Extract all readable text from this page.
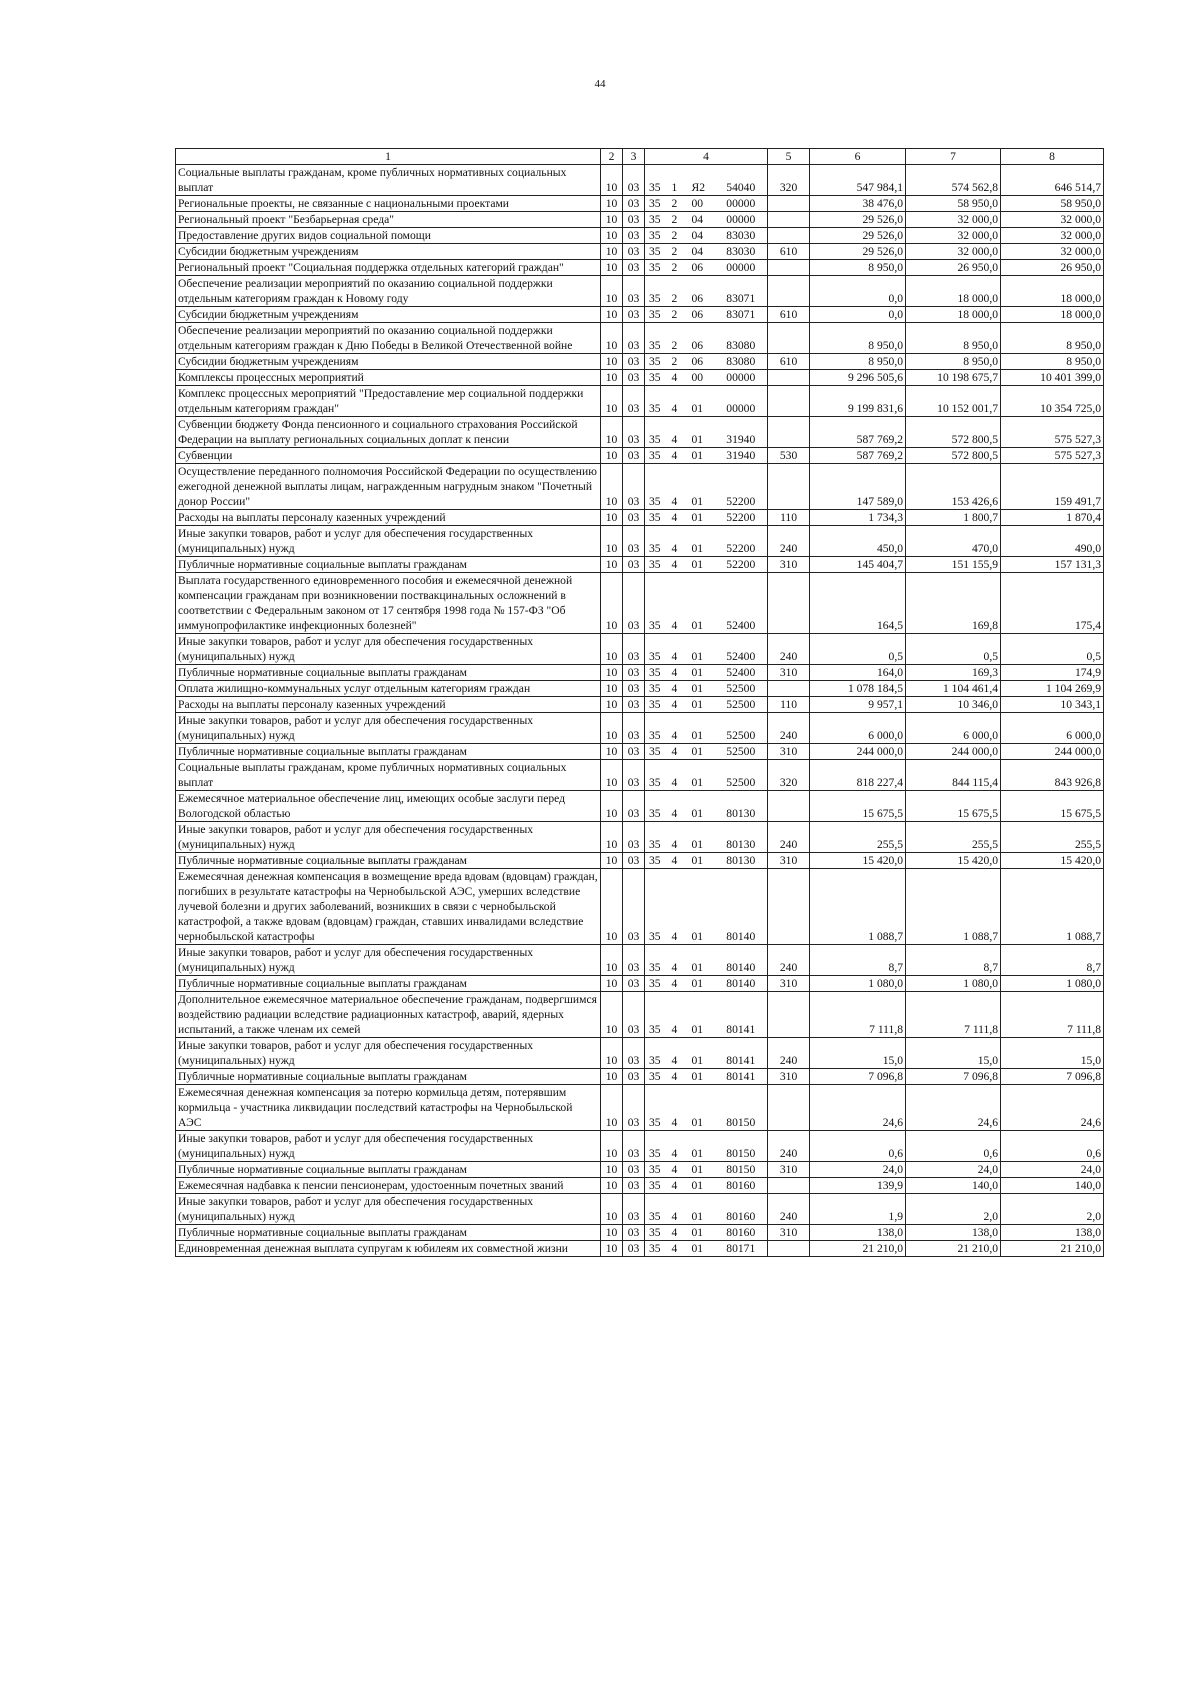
44
1	2	3	4				5	6	7	8
Социальные выплаты гражданам, кроме публичных нормативных социальных выплат	10	03	35	1	Я2	54040	320	547 984,1	574 562,8	646 514,7
Региональные проекты, не связанные с национальными проектами	10	03	35	2	00	00000		38 476,0	58 950,0	58 950,0
Региональный проект "Безбарьерная среда"	10	03	35	2	04	00000		29 526,0	32 000,0	32 000,0
Предоставление других видов социальной помощи	10	03	35	2	04	83030		29 526,0	32 000,0	32 000,0
Субсидии бюджетным учреждениям	10	03	35	2	04	83030	610	29 526,0	32 000,0	32 000,0
Региональный проект "Социальная поддержка отдельных категорий граждан"	10	03	35	2	06	00000		8 950,0	26 950,0	26 950,0
Обеспечение реализации мероприятий по оказанию социальной поддержки отдельным категориям граждан к Новому году	10	03	35	2	06	83071		0,0	18 000,0	18 000,0
Субсидии бюджетным учреждениям	10	03	35	2	06	83071	610	0,0	18 000,0	18 000,0
Обеспечение реализации мероприятий по оказанию социальной поддержки отдельным категориям граждан к Дню Победы в Великой Отечественной войне	10	03	35	2	06	83080		8 950,0	8 950,0	8 950,0
Субсидии бюджетным учреждениям	10	03	35	2	06	83080	610	8 950,0	8 950,0	8 950,0
Комплексы процессных мероприятий	10	03	35	4	00	00000		9 296 505,6	10 198 675,7	10 401 399,0
Комплекс процессных мероприятий "Предоставление мер социальной поддержки отдельным категориям граждан"	10	03	35	4	01	00000		9 199 831,6	10 152 001,7	10 354 725,0
Субвенции бюджету Фонда пенсионного и социального страхования Российской Федерации на выплату региональных социальных доплат к пенсии	10	03	35	4	01	31940		587 769,2	572 800,5	575 527,3
Субвенции	10	03	35	4	01	31940	530	587 769,2	572 800,5	575 527,3
Осуществление переданного полномочия Российской Федерации по осуществлению ежегодной денежной выплаты лицам, награжденным нагрудным знаком "Почетный донор России"	10	03	35	4	01	52200		147 589,0	153 426,6	159 491,7
Расходы на выплаты персоналу казенных учреждений	10	03	35	4	01	52200	110	1 734,3	1 800,7	1 870,4
Иные закупки товаров, работ и услуг для обеспечения государственных (муниципальных) нужд	10	03	35	4	01	52200	240	450,0	470,0	490,0
Публичные нормативные социальные выплаты гражданам	10	03	35	4	01	52200	310	145 404,7	151 155,9	157 131,3
Выплата государственного единовременного пособия и ежемесячной денежной компенсации гражданам при возникновении поствакцинальных осложнений в соответствии с Федеральным законом от 17 сентября 1998 года № 157-ФЗ "Об иммунопрофилактике инфекционных болезней"	10	03	35	4	01	52400		164,5	169,8	175,4
Иные закупки товаров, работ и услуг для обеспечения государственных (муниципальных) нужд	10	03	35	4	01	52400	240	0,5	0,5	0,5
Публичные нормативные социальные выплаты гражданам	10	03	35	4	01	52400	310	164,0	169,3	174,9
Оплата жилищно-коммунальных услуг отдельным категориям граждан	10	03	35	4	01	52500		1 078 184,5	1 104 461,4	1 104 269,9
Расходы на выплаты персоналу казенных учреждений	10	03	35	4	01	52500	110	9 957,1	10 346,0	10 343,1
Иные закупки товаров, работ и услуг для обеспечения государственных (муниципальных) нужд	10	03	35	4	01	52500	240	6 000,0	6 000,0	6 000,0
Публичные нормативные социальные выплаты гражданам	10	03	35	4	01	52500	310	244 000,0	244 000,0	244 000,0
Социальные выплаты гражданам, кроме публичных нормативных социальных выплат	10	03	35	4	01	52500	320	818 227,4	844 115,4	843 926,8
Ежемесячное материальное обеспечение лиц, имеющих особые заслуги перед Вологодской областью	10	03	35	4	01	80130		15 675,5	15 675,5	15 675,5
Иные закупки товаров, работ и услуг для обеспечения государственных (муниципальных) нужд	10	03	35	4	01	80130	240	255,5	255,5	255,5
Публичные нормативные социальные выплаты гражданам	10	03	35	4	01	80130	310	15 420,0	15 420,0	15 420,0
Ежемесячная денежная компенсация в возмещение вреда вдовам (вдовцам) граждан, погибших в результате катастрофы на Чернобыльской АЭС, умерших вследствие лучевой болезни и других заболеваний, возникших в связи с чернобыльской катастрофой, а также вдовам (вдовцам) граждан, ставших инвалидами вследствие чернобыльской катастрофы	10	03	35	4	01	80140		1 088,7	1 088,7	1 088,7
Иные закупки товаров, работ и услуг для обеспечения государственных (муниципальных) нужд	10	03	35	4	01	80140	240	8,7	8,7	8,7
Публичные нормативные социальные выплаты гражданам	10	03	35	4	01	80140	310	1 080,0	1 080,0	1 080,0
Дополнительное ежемесячное материальное обеспечение гражданам, подвергшимся воздействию радиации вследствие радиационных катастроф, аварий, ядерных испытаний, а также членам их семей	10	03	35	4	01	80141		7 111,8	7 111,8	7 111,8
Иные закупки товаров, работ и услуг для обеспечения государственных (муниципальных) нужд	10	03	35	4	01	80141	240	15,0	15,0	15,0
Публичные нормативные социальные выплаты гражданам	10	03	35	4	01	80141	310	7 096,8	7 096,8	7 096,8
Ежемесячная денежная компенсация за потерю кормильца детям, потерявшим кормильца - участника ликвидации последствий катастрофы на Чернобыльской АЭС	10	03	35	4	01	80150		24,6	24,6	24,6
Иные закупки товаров, работ и услуг для обеспечения государственных (муниципальных) нужд	10	03	35	4	01	80150	240	0,6	0,6	0,6
Публичные нормативные социальные выплаты гражданам	10	03	35	4	01	80150	310	24,0	24,0	24,0
Ежемесячная надбавка к пенсии пенсионерам, удостоенным почетных званий	10	03	35	4	01	80160		139,9	140,0	140,0
Иные закупки товаров, работ и услуг для обеспечения государственных (муниципальных) нужд	10	03	35	4	01	80160	240	1,9	2,0	2,0
Публичные нормативные социальные выплаты гражданам	10	03	35	4	01	80160	310	138,0	138,0	138,0
Единовременная денежная выплата супругам к юбилеям их совместной жизни	10	03	35	4	01	80171		21 210,0	21 210,0	21 210,0
